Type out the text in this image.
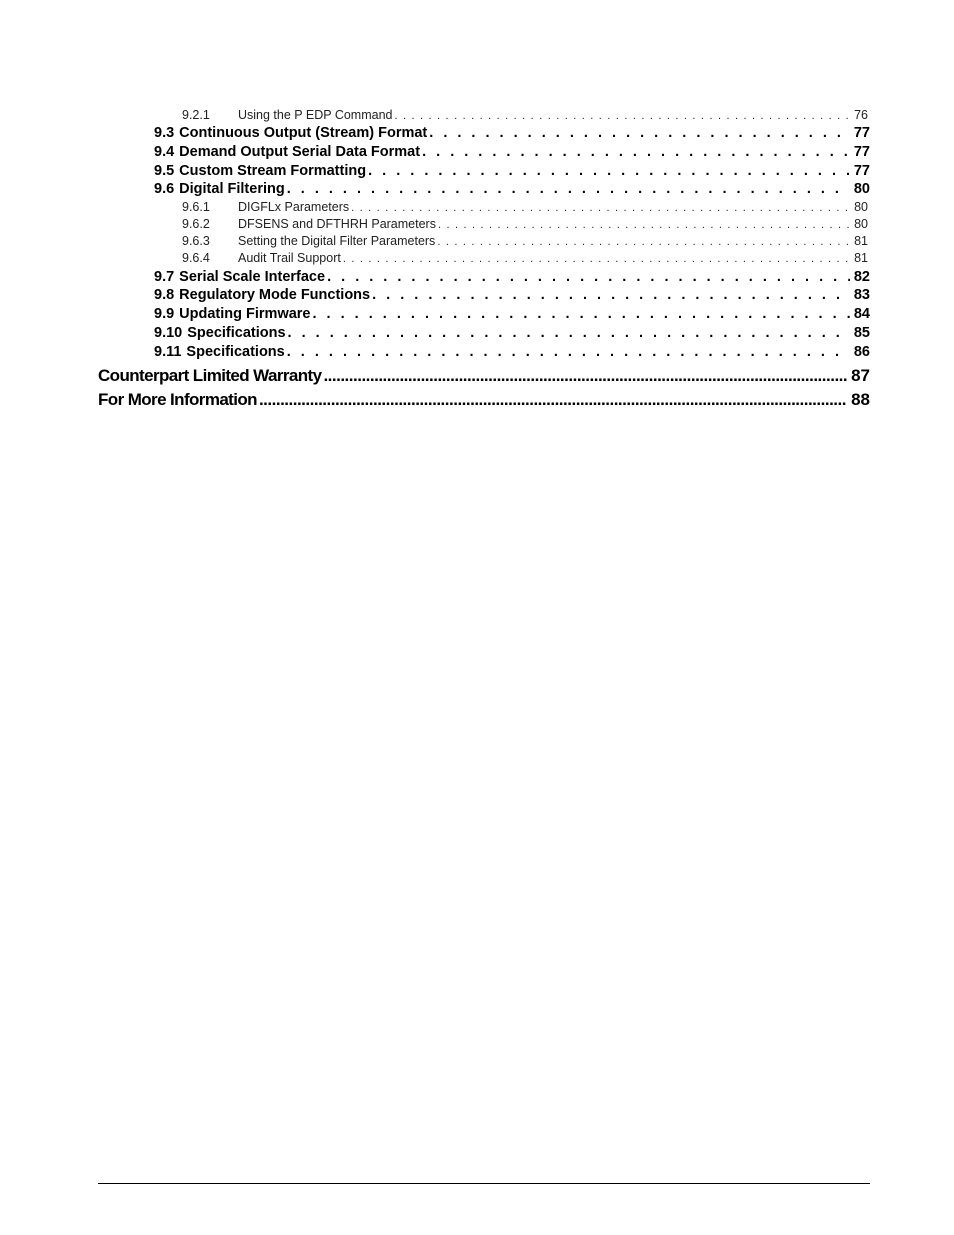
9.2.1	Using the P EDP Command . . .	76
9.3 Continuous Output (Stream) Format . . .	77
9.4 Demand Output Serial Data Format . . .	77
9.5 Custom Stream Formatting . . .	77
9.6 Digital Filtering . . .	80
9.6.1	DIGFLx Parameters . . .	80
9.6.2	DFSENS and DFTHRH Parameters . . .	80
9.6.3	Setting the Digital Filter Parameters . . .	81
9.6.4	Audit Trail Support . . .	81
9.7 Serial Scale Interface . . .	82
9.8 Regulatory Mode Functions . . .	83
9.9 Updating Firmware . . .	84
9.10 Specifications . . .	85
9.11 Specifications . . .	86
Counterpart Limited Warranty .....	87
For More Information .....	88
